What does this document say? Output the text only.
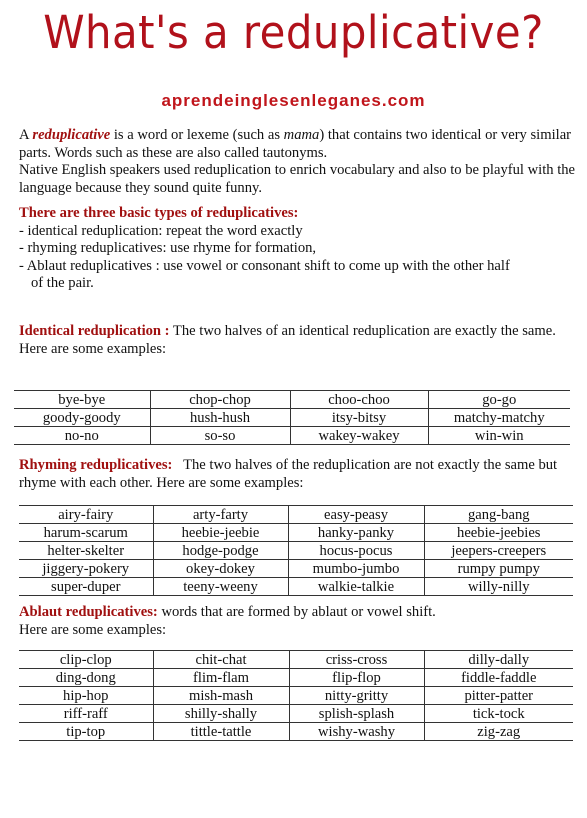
What's a reduplicative?
aprendeinglesenleganes.com
A reduplicative is a word or lexeme (such as mama) that contains two identical or very similar parts. Words such as these are also called tautonyms.
Native English speakers used reduplication to enrich vocabulary and also to be playful with the language because they sound quite funny.
There are three basic types of reduplicatives:
- identical reduplication: repeat the word exactly
- rhyming reduplicatives: use rhyme for formation,
- Ablaut reduplicatives : use vowel or consonant shift to come up with the other half
of the pair.
Identical reduplication : The two halves of an identical reduplication are exactly the same.
Here are some examples:
bye-bye	chop-chop	choo-choo	go-go
goody-goody	hush-hush	itsy-bitsy	matchy-matchy
no-no	so-so	wakey-wakey	win-win
Rhyming reduplicatives:   The two halves of the reduplication are not exactly the same but rhyme with each other. Here are some examples:
airy-fairy	arty-farty	easy-peasy	gang-bang
harum-scarum	heebie-jeebie	hanky-panky	heebie-jeebies
helter-skelter	hodge-podge	hocus-pocus	jeepers-creepers
jiggery-pokery	okey-dokey	mumbo-jumbo	rumpy pumpy
super-duper	teeny-weeny	walkie-talkie	willy-nilly
Ablaut reduplicatives: words that are formed by ablaut or vowel shift.
Here are some examples:
clip-clop	chit-chat	criss-cross	dilly-dally
ding-dong	flim-flam	flip-flop	fiddle-faddle
hip-hop	mish-mash	nitty-gritty	pitter-patter
riff-raff	shilly-shally	splish-splash	tick-tock
tip-top	tittle-tattle	wishy-washy	zig-zag
